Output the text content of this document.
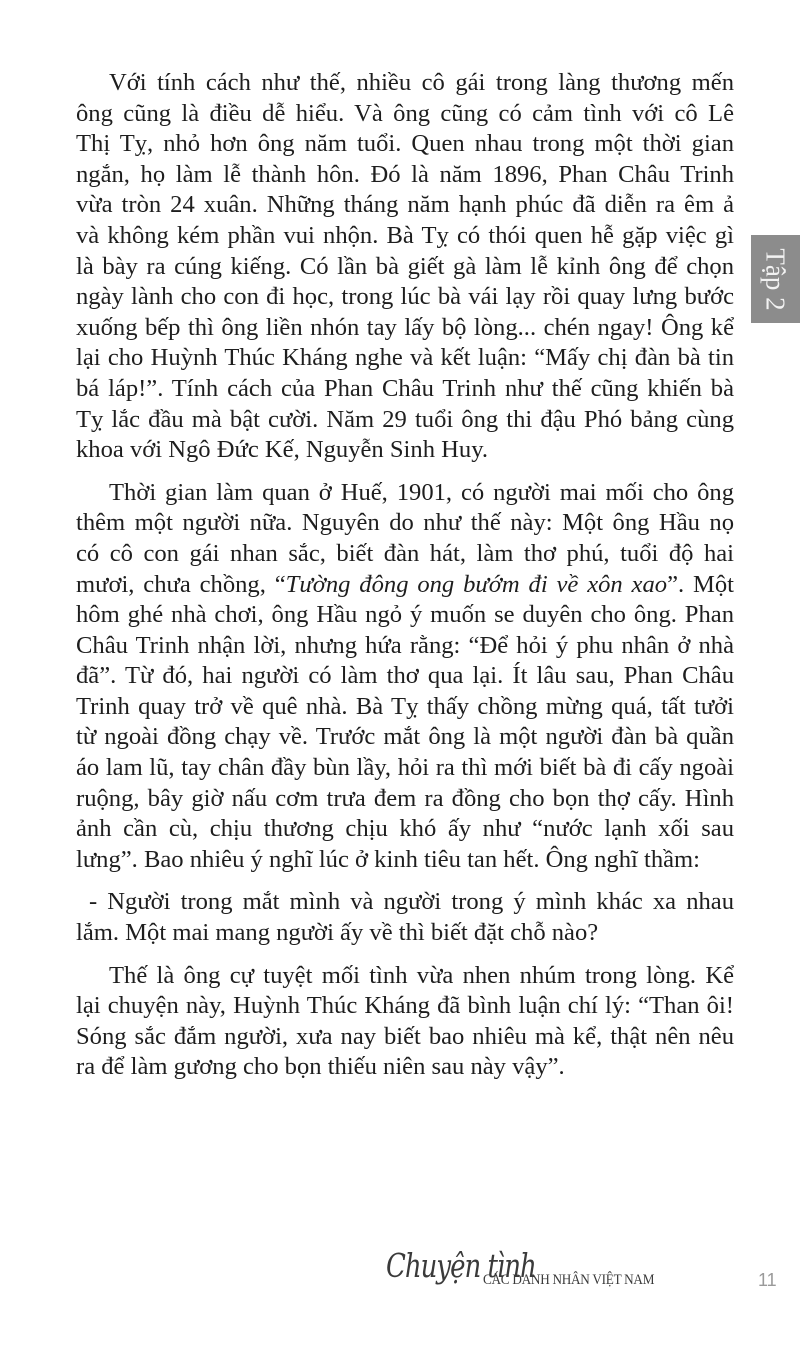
Với tính cách như thế, nhiều cô gái trong làng thương mến
ông cũng là điều dễ hiểu. Và ông cũng có cảm tình với cô Lê
Thị Tỵ, nhỏ hơn ông năm tuổi. Quen nhau trong một thời gian
ngắn, họ làm lễ thành hôn. Đó là năm 1896, Phan Châu Trinh
vừa tròn 24 xuân. Những tháng năm hạnh phúc đã diễn ra êm ả
và không kém phần vui nhộn. Bà Tỵ có thói quen hễ gặp việc gì
là bày ra cúng kiếng. Có lần bà giết gà làm lễ kỉnh ông để chọn
ngày lành cho con đi học, trong lúc bà vái lạy rồi quay lưng bước
xuống bếp thì ông liền nhón tay lấy bộ lòng... chén ngay! Ông kể
lại cho Huỳnh Thúc Kháng nghe và kết luận: “Mấy chị đàn bà tin
bá láp!”. Tính cách của Phan Châu Trinh như thế cũng khiến bà
Tỵ lắc đầu mà bật cười. Năm 29 tuổi ông thi đậu Phó bảng cùng
khoa với Ngô Đức Kế, Nguyễn Sinh Huy.
Thời gian làm quan ở Huế, 1901, có người mai mối cho ông
thêm một người nữa. Nguyên do như thế này: Một ông Hầu nọ
có cô con gái nhan sắc, biết đàn hát, làm thơ phú, tuổi độ hai
mươi, chưa chồng, “Tường đông ong bướm đi về xôn xao”. Một
hôm ghé nhà chơi, ông Hầu ngỏ ý muốn se duyên cho ông. Phan
Châu Trinh nhận lời, nhưng hứa rằng: “Để hỏi ý phu nhân ở nhà
đã”. Từ đó, hai người có làm thơ qua lại. Ít lâu sau, Phan Châu
Trinh quay trở về quê nhà. Bà Tỵ thấy chồng mừng quá, tất tưởi
từ ngoài đồng chạy về. Trước mắt ông là một người đàn bà quần
áo lam lũ, tay chân đầy bùn lầy, hỏi ra thì mới biết bà đi cấy ngoài
ruộng, bây giờ nấu cơm trưa đem ra đồng cho bọn thợ cấy. Hình
ảnh cần cù, chịu thương chịu khó ấy như “nước lạnh xối sau
lưng”. Bao nhiêu ý nghĩ lúc ở kinh tiêu tan hết. Ông nghĩ thầm:
- Người trong mắt mình và người trong ý mình khác xa nhau
lắm. Một mai mang người ấy về thì biết đặt chỗ nào?
Thế là ông cự tuyệt mối tình vừa nhen nhúm trong lòng. Kể
lại chuyện này, Huỳnh Thúc Kháng đã bình luận chí lý: “Than ôi!
Sóng sắc đắm người, xưa nay biết bao nhiêu mà kể, thật nên nêu
ra để làm gương cho bọn thiếu niên sau này vậy”.
Tập 2
Chuyện tình
CÁC DANH NHÂN VIỆT NAM	11
